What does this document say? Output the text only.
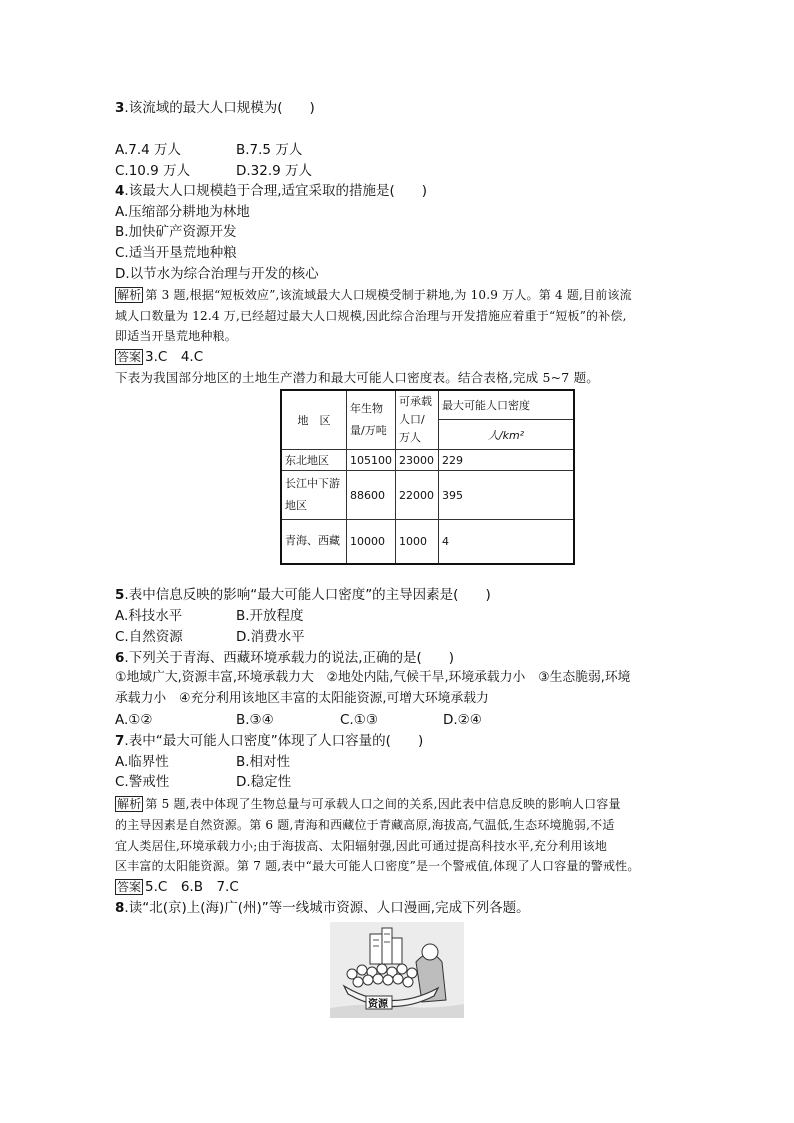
3.该流域的最大人口规模为(　　)
A.7.4 万人	B.7.5 万人
C.10.9 万人	D.32.9 万人
4.该最大人口规模趋于合理,适宜采取的措施是(　　)
A.压缩部分耕地为林地
B.加快矿产资源开发
C.适当开垦荒地种粮
D.以节水为综合治理与开发的核心
解析 第 3 题,根据“短板效应”,该流域最大人口规模受制于耕地,为 10.9 万人。第 4 题,目前该流
域人口数量为 12.4 万,已经超过最大人口规模,因此综合治理与开发措施应着重于“短板”的补偿,
即适当开垦荒地种粮。
答案 3.C　4.C
下表为我国部分地区的土地生产潜力和最大可能人口密度表。结合表格,完成 5~7 题。
地　区	年生物量/万吨	可承载人口/万人	最大可能人口密度
			人/km²
东北地区	105100	23000	229
长江中下游地区	88600	22000	395
青海、西藏	10000	1000	4
5.表中信息反映的影响“最大可能人口密度”的主导因素是(　　)
A.科技水平	B.开放程度
C.自然资源	D.消费水平
6.下列关于青海、西藏环境承载力的说法,正确的是(　　)
①地域广大,资源丰富,环境承载力大　②地处内陆,气候干旱,环境承载力小　③生态脆弱,环境
承载力小　④充分利用该地区丰富的太阳能资源,可增大环境承载力
A.①②	B.③④	C.①③	D.②④
7.表中“最大可能人口密度”体现了人口容量的(　　)
A.临界性	B.相对性
C.警戒性	D.稳定性
解析 第 5 题,表中体现了生物总量与可承载人口之间的关系,因此表中信息反映的影响人口容量
的主导因素是自然资源。第 6 题,青海和西藏位于青藏高原,海拔高,气温低,生态环境脆弱,不适
宜人类居住,环境承载力小;由于海拔高、太阳辐射强,因此可通过提高科技水平,充分利用该地
区丰富的太阳能资源。第 7 题,表中“最大可能人口密度”是一个警戒值,体现了人口容量的警戒性。
答案 5.C　6.B　7.C
8.读“北(京)上(海)广(州)”等一线城市资源、人口漫画,完成下列各题。
资源
